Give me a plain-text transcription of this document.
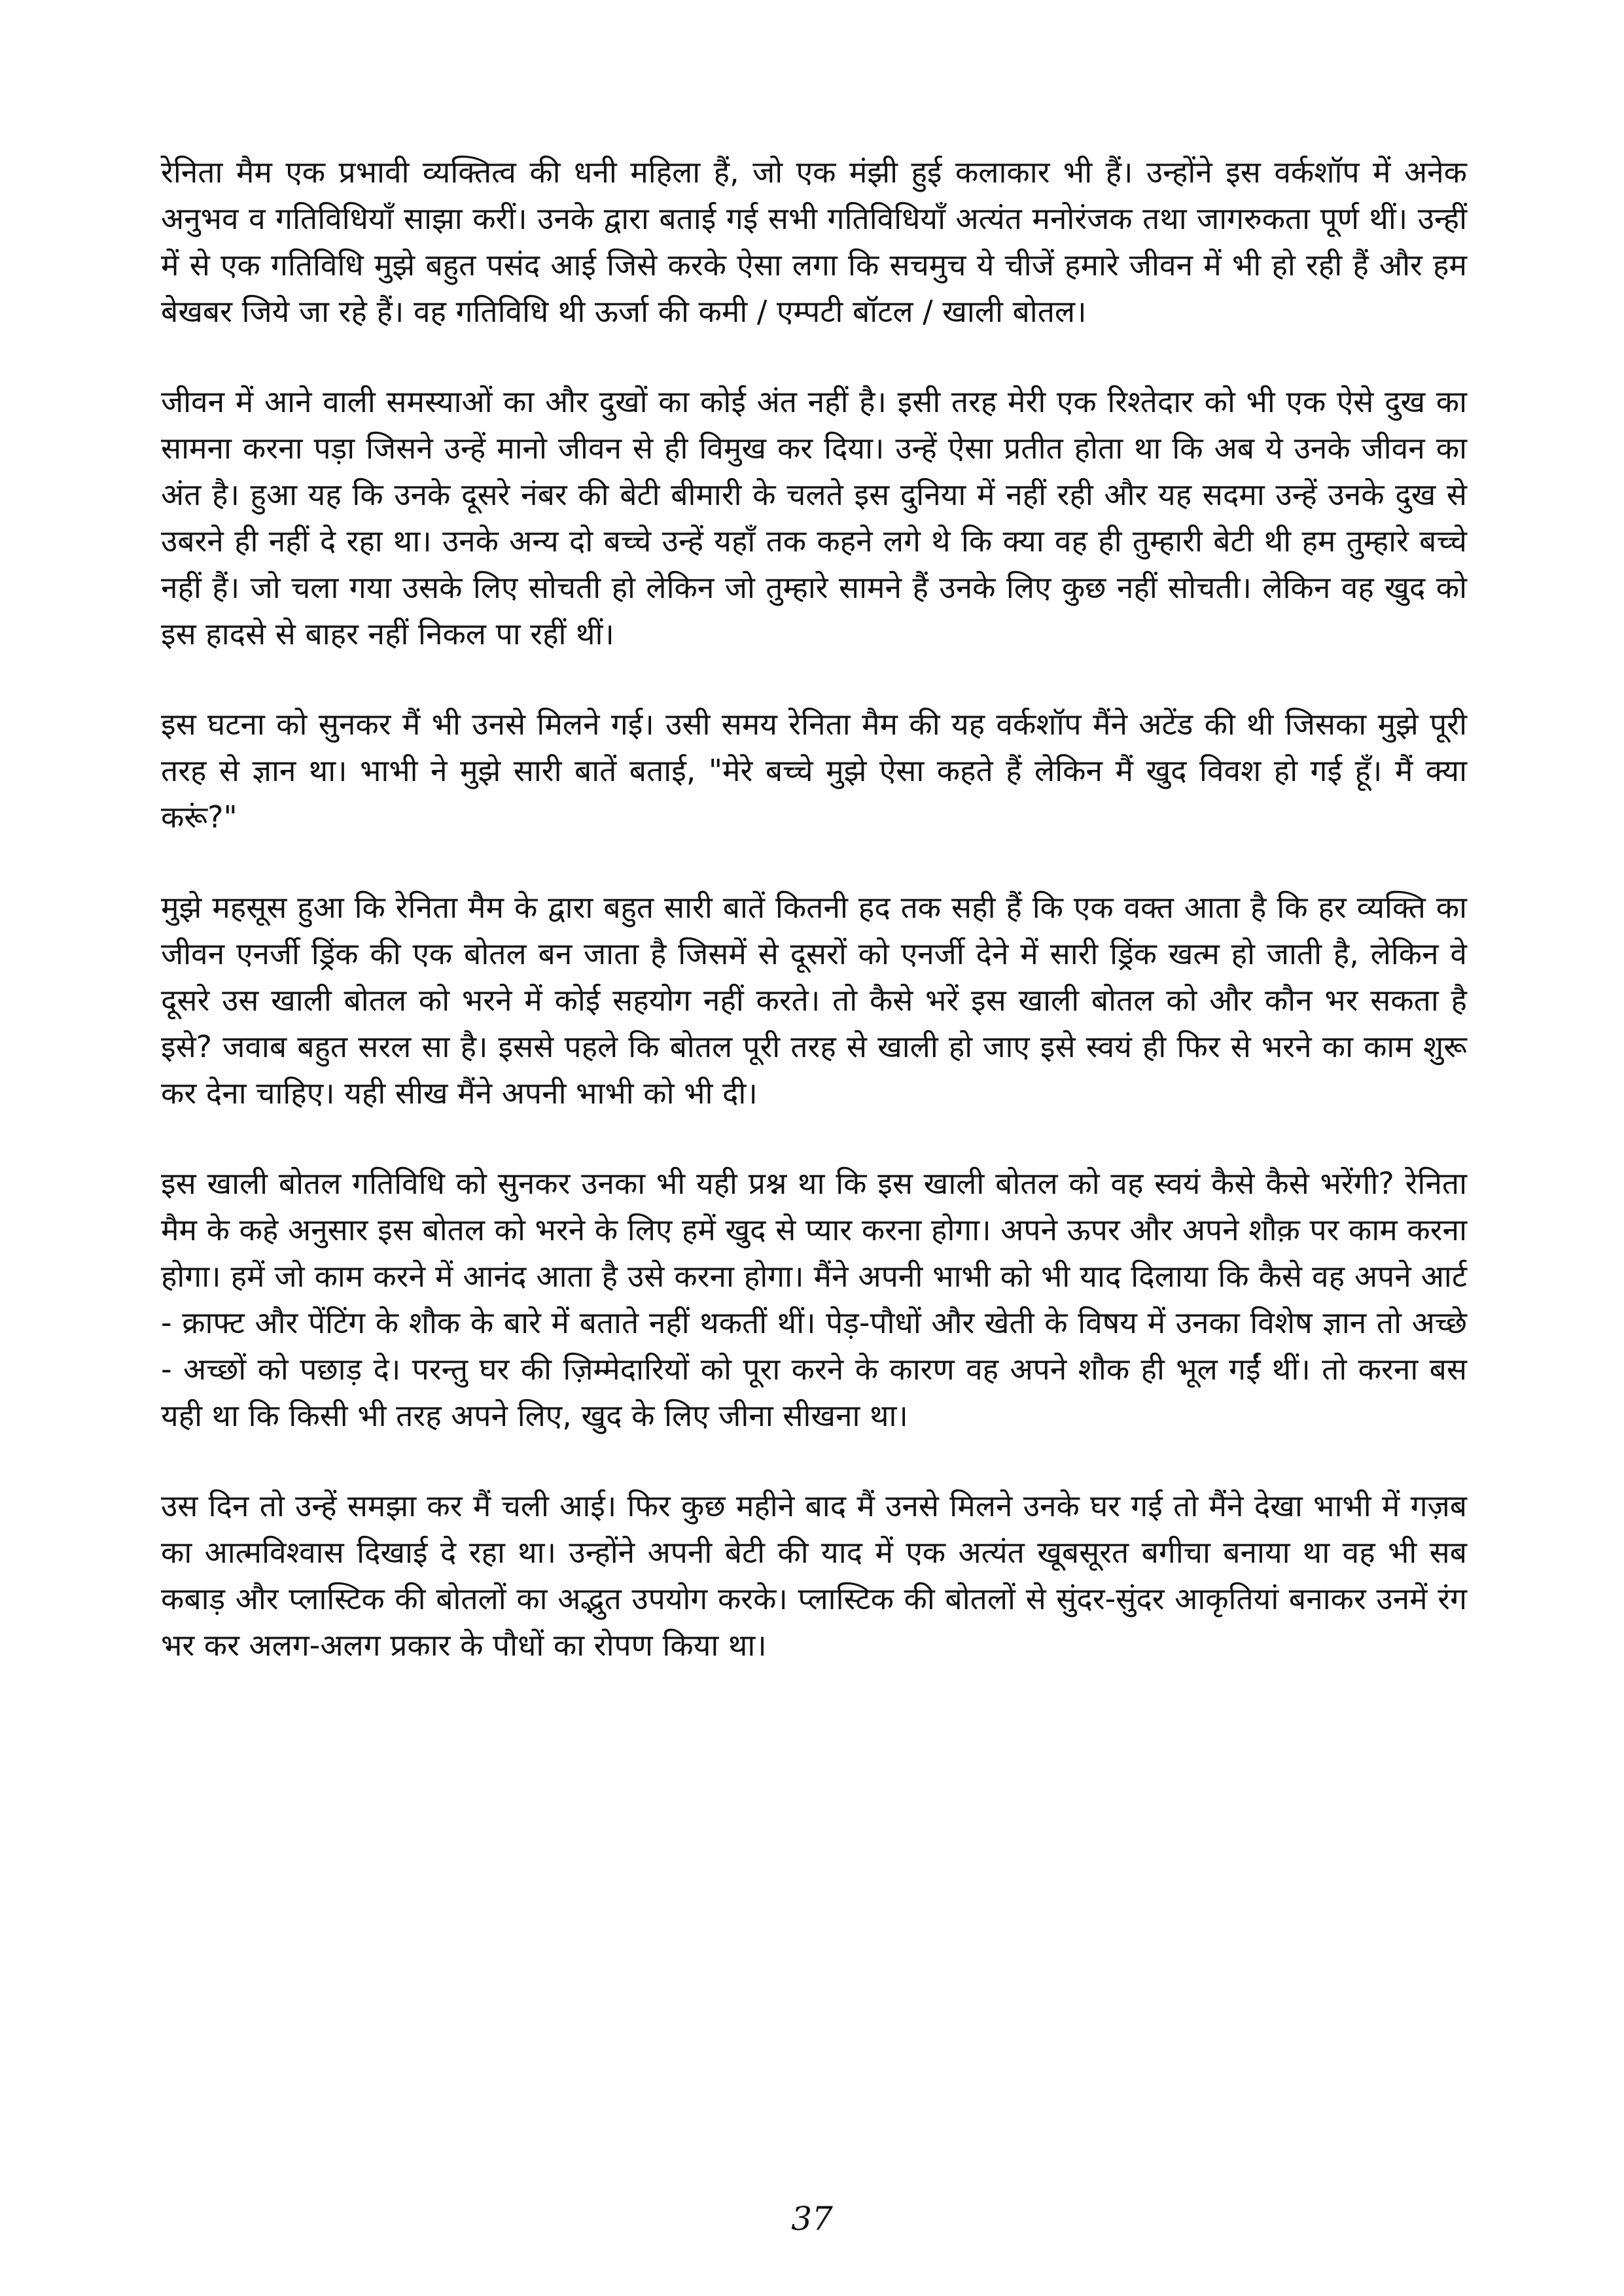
रेनिता मैम एक प्रभावी व्यक्तित्व की धनी महिला हैं, जो एक मंझी हुई कलाकार भी हैं। उन्होंने इस वर्कशॉप में अनेक अनुभव व गतिविधियाँ साझा करीं। उनके द्वारा बताई गई सभी गतिविधियाँ अत्यंत मनोरंजक तथा जागरुकता पूर्ण थीं। उन्हीं में से एक गतिविधि मुझे बहुत पसंद आई जिसे करके ऐसा लगा कि सचमुच ये चीजें हमारे जीवन में भी हो रही हैं और हम बेखबर जिये जा रहे हैं। वह गतिविधि थी ऊर्जा की कमी / एम्पटी बॉटल / खाली बोतल।

जीवन में आने वाली समस्याओं का और दुखों का कोई अंत नहीं है। इसी तरह मेरी एक रिश्तेदार को भी एक ऐसे दुख का सामना करना पड़ा जिसने उन्हें मानो जीवन से ही विमुख कर दिया। उन्हें ऐसा प्रतीत होता था कि अब ये उनके जीवन का अंत है। हुआ यह कि उनके दूसरे नंबर की बेटी बीमारी के चलते इस दुनिया में नहीं रही और यह सदमा उन्हें उनके दुख से उबरने ही नहीं दे रहा था। उनके अन्य दो बच्चे उन्हें यहाँ तक कहने लगे थे कि क्या वह ही तुम्हारी बेटी थी हम तुम्हारे बच्चे नहीं हैं। जो चला गया उसके लिए सोचती हो लेकिन जो तुम्हारे सामने हैं उनके लिए कुछ नहीं सोचती। लेकिन वह खुद को इस हादसे से बाहर नहीं निकल पा रहीं थीं।

इस घटना को सुनकर मैं भी उनसे मिलने गई। उसी समय रेनिता मैम की यह वर्कशॉप मैंने अटेंड की थी जिसका मुझे पूरी तरह से ज्ञान था। भाभी ने मुझे सारी बातें बताई, "मेरे बच्चे मुझे ऐसा कहते हैं लेकिन मैं खुद विवश हो गई हूँ। मैं क्या करूं?"

मुझे महसूस हुआ कि रेनिता मैम के द्वारा बहुत सारी बातें कितनी हद तक सही हैं कि एक वक्त आता है कि हर व्यक्ति का जीवन एनर्जी ड्रिंक की एक बोतल बन जाता है जिसमें से दूसरों को एनर्जी देने में सारी ड्रिंक खत्म हो जाती है, लेकिन वे दूसरे उस खाली बोतल को भरने में कोई सहयोग नहीं करते। तो कैसे भरें इस खाली बोतल को और कौन भर सकता है इसे? जवाब बहुत सरल सा है। इससे पहले कि बोतल पूरी तरह से खाली हो जाए इसे स्वयं ही फिर से भरने का काम शुरू कर देना चाहिए। यही सीख मैंने अपनी भाभी को भी दी।

इस खाली बोतल गतिविधि को सुनकर उनका भी यही प्रश्न था कि इस खाली बोतल को वह स्वयं कैसे कैसे भरेंगी? रेनिता मैम के कहे अनुसार इस बोतल को भरने के लिए हमें खुद से प्यार करना होगा। अपने ऊपर और अपने शौक़ पर काम करना होगा। हमें जो काम करने में आनंद आता है उसे करना होगा। मैंने अपनी भाभी को भी याद दिलाया कि कैसे वह अपने आर्ट - क्राफ्ट और पेंटिंग के शौक के बारे में बताते नहीं थकतीं थीं। पेड़-पौधों और खेती के विषय में उनका विशेष ज्ञान तो अच्छे - अच्छों को पछाड़ दे। परन्तु घर की ज़िम्मेदारियों को पूरा करने के कारण वह अपने शौक ही भूल गईं थीं। तो करना बस यही था कि किसी भी तरह अपने लिए, खुद के लिए जीना सीखना था।

उस दिन तो उन्हें समझा कर मैं चली आई। फिर कुछ महीने बाद मैं उनसे मिलने उनके घर गई तो मैंने देखा भाभी में गज़ब का आत्मविश्वास दिखाई दे रहा था। उन्होंने अपनी बेटी की याद में एक अत्यंत खूबसूरत बगीचा बनाया था वह भी सब कबाड़ और प्लास्टिक की बोतलों का अद्भुत उपयोग करके। प्लास्टिक की बोतलों से सुंदर-सुंदर आकृतियां बनाकर उनमें रंग भर कर अलग-अलग प्रकार के पौधों का रोपण किया था।

37
